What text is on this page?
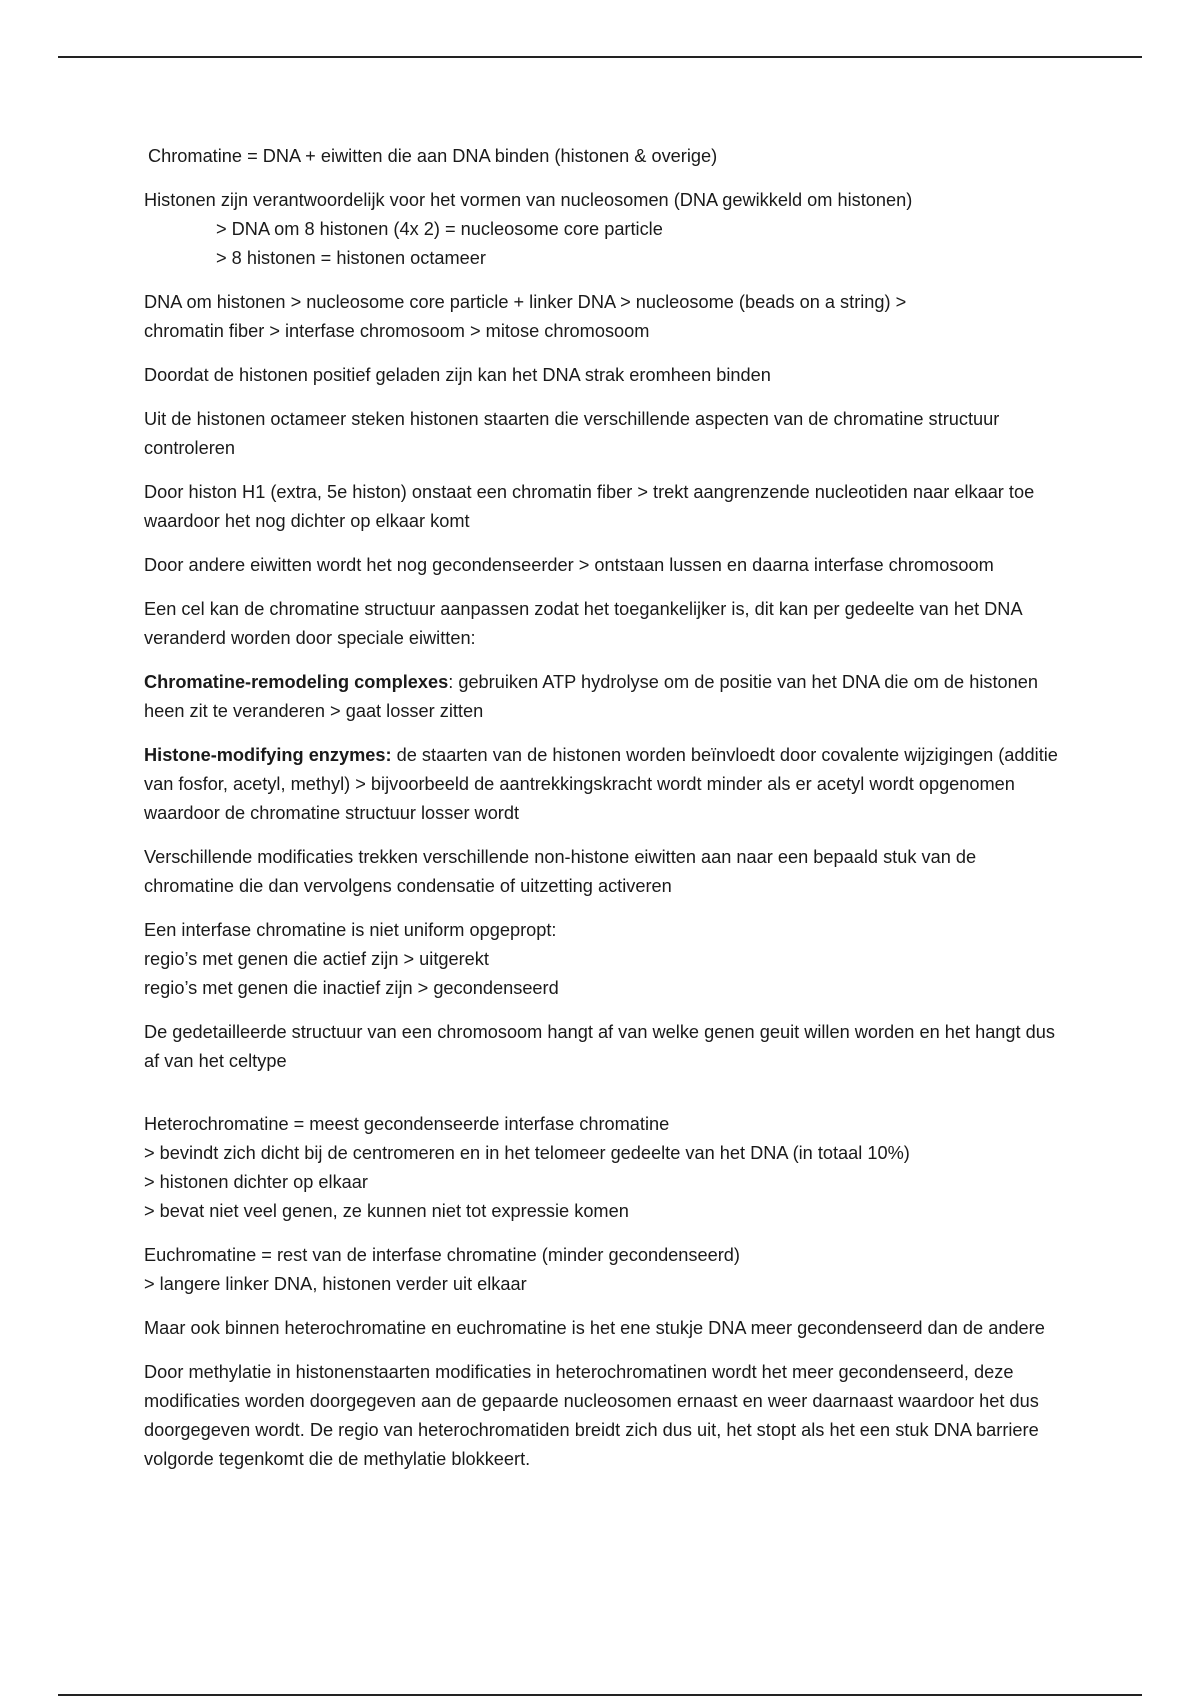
Chromatine = DNA + eiwitten die aan DNA binden (histonen & overige)

Histonen zijn verantwoordelijk voor het vormen van nucleosomen (DNA gewikkeld om histonen)
> DNA om 8 histonen (4x 2) = nucleosome core particle
> 8 histonen = histonen octameer

DNA om histonen > nucleosome core particle + linker DNA > nucleosome (beads on a string) >
chromatin fiber > interfase chromosoom > mitose chromosoom

Doordat de histonen positief geladen zijn kan het DNA strak eromheen binden

Uit de histonen octameer steken histonen staarten die verschillende aspecten van de chromatine structuur controleren

Door histon H1 (extra, 5e histon) onstaat een chromatin fiber > trekt aangrenzende nucleotiden naar elkaar toe waardoor het nog dichter op elkaar komt

Door andere eiwitten wordt het nog gecondenseerder > ontstaan lussen en daarna interfase chromosoom

Een cel kan de chromatine structuur aanpassen zodat het toegankelijker is, dit kan per gedeelte van het DNA veranderd worden door speciale eiwitten:

Chromatine-remodeling complexes: gebruiken ATP hydrolyse om de positie van het DNA die om de histonen heen zit te veranderen > gaat losser zitten

Histone-modifying enzymes: de staarten van de histonen worden beïnvloedt door covalente wijzigingen (additie van fosfor, acetyl, methyl) > bijvoorbeeld de aantrekkingskracht wordt minder als er acetyl wordt opgenomen waardoor de chromatine structuur losser wordt

Verschillende modificaties trekken verschillende non-histone eiwitten aan naar een bepaald stuk van de chromatine die dan vervolgens condensatie of uitzetting activeren

Een interfase chromatine is niet uniform opgepropt:
regio’s met genen die actief zijn > uitgerekt
regio’s met genen die inactief zijn > gecondenseerd

De gedetailleerde structuur van een chromosoom hangt af van welke genen geuit willen worden en het hangt dus af van het celtype

Heterochromatine = meest gecondenseerde interfase chromatine
> bevindt zich dicht bij de centromeren en in het telomeer gedeelte van het DNA (in totaal 10%)
> histonen dichter op elkaar
> bevat niet veel genen, ze kunnen niet tot expressie komen

Euchromatine = rest van de interfase chromatine (minder gecondenseerd)
> langere linker DNA, histonen verder uit elkaar

Maar ook binnen heterochromatine en euchromatine is het ene stukje DNA meer gecondenseerd dan de andere

Door methylatie in histonenstaarten modificaties in heterochromatinen wordt het meer gecondenseerd, deze modificaties worden doorgegeven aan de gepaarde nucleosomen ernaast en weer daarnaast waardoor het dus doorgegeven wordt. De regio van heterochromatiden breidt zich dus uit, het stopt als het een stuk DNA barriere volgorde tegenkomt die de methylatie blokkeert.
